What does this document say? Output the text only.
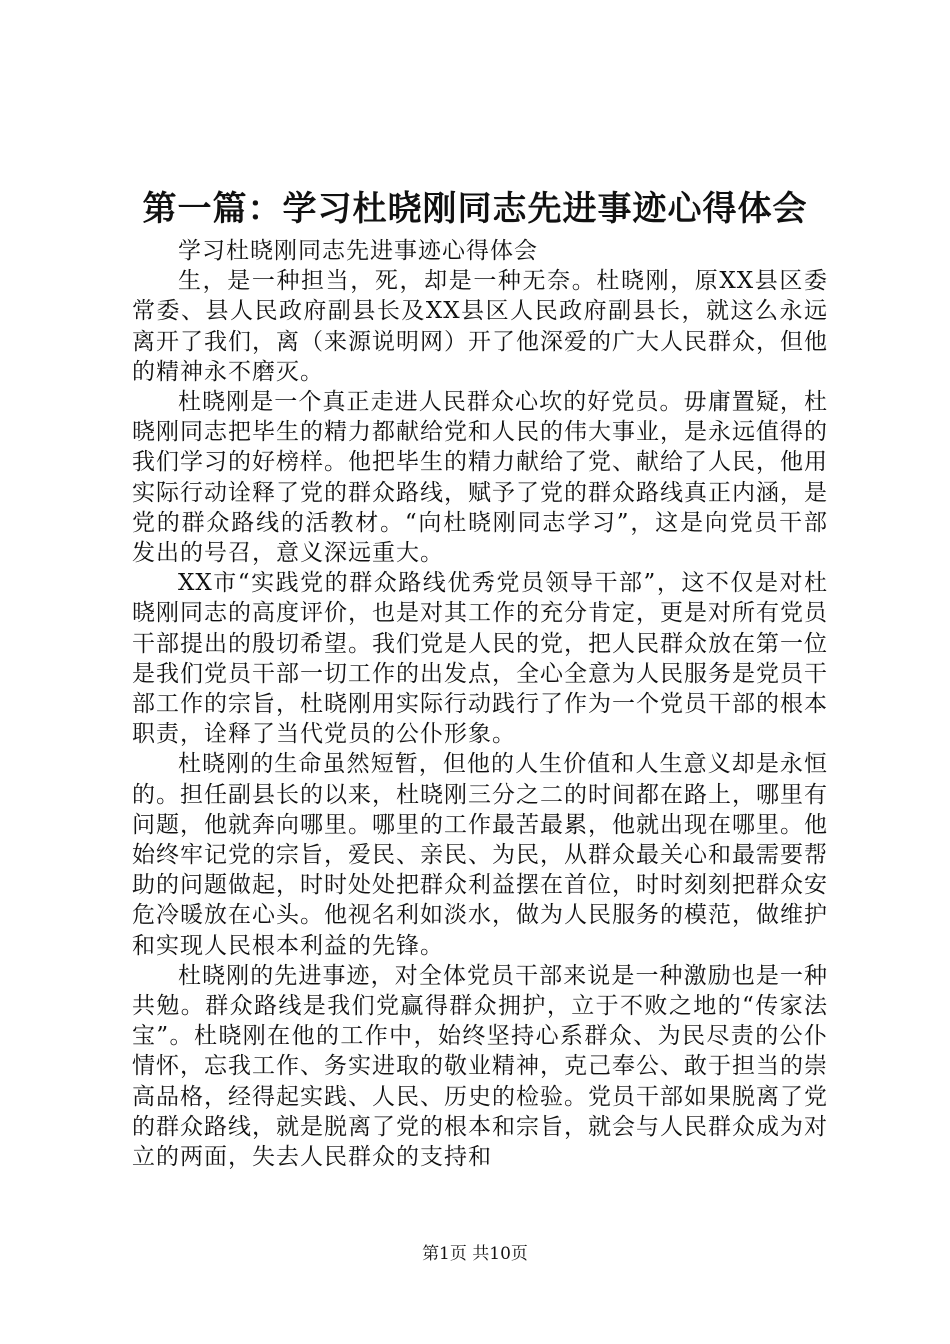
第一篇：学习杜晓刚同志先进事迹心得体会

学习杜晓刚同志先进事迹心得体会

生，是一种担当，死，却是一种无奈。杜晓刚，原XX县区委常委、县人民政府副县长及XX县区人民政府副县长，就这么永远离开了我们，离（来源说明网）开了他深爱的广大人民群众，但他的精神永不磨灭。

杜晓刚是一个真正走进人民群众心坎的好党员。毋庸置疑，杜晓刚同志把毕生的精力都献给党和人民的伟大事业，是永远值得的我们学习的好榜样。他把毕生的精力献给了党、献给了人民，他用实际行动诠释了党的群众路线，赋予了党的群众路线真正内涵，是党的群众路线的活教材。“向杜晓刚同志学习”，这是向党员干部发出的号召，意义深远重大。

XX市“实践党的群众路线优秀党员领导干部”，这不仅是对杜晓刚同志的高度评价，也是对其工作的充分肯定，更是对所有党员干部提出的殷切希望。我们党是人民的党，把人民群众放在第一位是我们党员干部一切工作的出发点，全心全意为人民服务是党员干部工作的宗旨，杜晓刚用实际行动践行了作为一个党员干部的根本职责，诠释了当代党员的公仆形象。

杜晓刚的生命虽然短暂，但他的人生价值和人生意义却是永恒的。担任副县长的以来，杜晓刚三分之二的时间都在路上，哪里有问题，他就奔向哪里。哪里的工作最苦最累，他就出现在哪里。他始终牢记党的宗旨，爱民、亲民、为民，从群众最关心和最需要帮助的问题做起，时时处处把群众利益摆在首位，时时刻刻把群众安危冷暖放在心头。他视名利如淡水，做为人民服务的模范，做维护和实现人民根本利益的先锋。

杜晓刚的先进事迹，对全体党员干部来说是一种激励也是一种共勉。群众路线是我们党赢得群众拥护，立于不败之地的“传家法宝”。杜晓刚在他的工作中，始终坚持心系群众、为民尽责的公仆情怀，忘我工作、务实进取的敬业精神，克己奉公、敢于担当的崇高品格，经得起实践、人民、历史的检验。党员干部如果脱离了党的群众路线，就是脱离了党的根本和宗旨，就会与人民群众成为对立的两面，失去人民群众的支持和

第1页 共10页
